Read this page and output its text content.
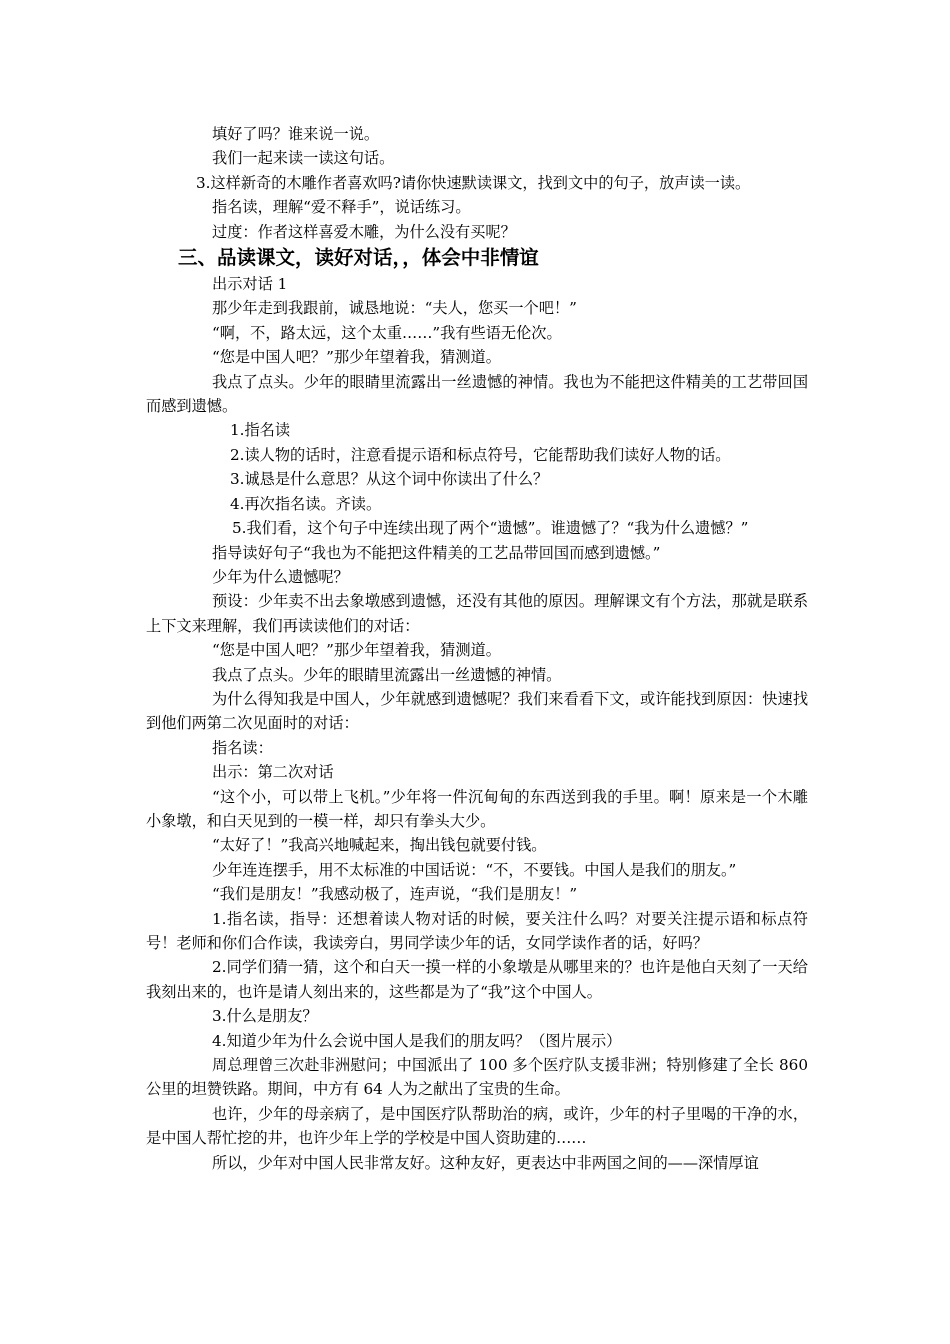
填好了吗？谁来说一说。

我们一起来读一读这句话。

3.这样新奇的木雕作者喜欢吗?请你快速默读课文，找到文中的句子，放声读一读。

指名读，理解“爱不释手”，说话练习。

过度：作者这样喜爱木雕，为什么没有买呢？

三、品读课文，读好对话，，体会中非情谊

出示对话 1

那少年走到我跟前，诚恳地说：“夫人，您买一个吧！”

“啊，不，路太远，这个太重……”我有些语无伦次。

“您是中国人吧？”那少年望着我，猜测道。

我点了点头。少年的眼睛里流露出一丝遗憾的神情。我也为不能把这件精美的工艺带回国而感到遗憾。

1.指名读

2.读人物的话时，注意看提示语和标点符号，它能帮助我们读好人物的话。

3.诚恳是什么意思？从这个词中你读出了什么？

4.再次指名读。齐读。

5.我们看，这个句子中连续出现了两个“遗憾”。谁遗憾了？“我为什么遗憾？”

指导读好句子“我也为不能把这件精美的工艺品带回国而感到遗憾。”

少年为什么遗憾呢？

预设：少年卖不出去象墩感到遗憾，还没有其他的原因。理解课文有个方法，那就是联系上下文来理解，我们再读读他们的对话：

“您是中国人吧？”那少年望着我，猜测道。

我点了点头。少年的眼睛里流露出一丝遗憾的神情。

为什么得知我是中国人，少年就感到遗憾呢？我们来看看下文，或许能找到原因：快速找到他们两第二次见面时的对话：

指名读：

出示：第二次对话

“这个小，可以带上飞机。”少年将一件沉甸甸的东西送到我的手里。啊！原来是一个木雕小象墩，和白天见到的一模一样，却只有拳头大少。

“太好了！”我高兴地喊起来，掏出钱包就要付钱。

少年连连摆手，用不太标准的中国话说：“不，不要钱。中国人是我们的朋友。”

“我们是朋友！”我感动极了，连声说，“我们是朋友！”

1.指名读，指导：还想着读人物对话的时候，要关注什么吗？对要关注提示语和标点符号！老师和你们合作读，我读旁白，男同学读少年的话，女同学读作者的话，好吗？

2.同学们猜一猜，这个和白天一摸一样的小象墩是从哪里来的？也许是他白天刻了一天给我刻出来的，也许是请人刻出来的，这些都是为了“我”这个中国人。

3.什么是朋友？

4.知道少年为什么会说中国人是我们的朋友吗？（图片展示）

周总理曾三次赴非洲慰问；中国派出了 100 多个医疗队支援非洲；特别修建了全长 860 公里的坦赞铁路。期间，中方有 64 人为之献出了宝贵的生命。

也许，少年的母亲病了，是中国医疗队帮助治的病，或许，少年的村子里喝的干净的水，是中国人帮忙挖的井，也许少年上学的学校是中国人资助建的……

所以，少年对中国人民非常友好。这种友好，更表达中非两国之间的——深情厚谊
